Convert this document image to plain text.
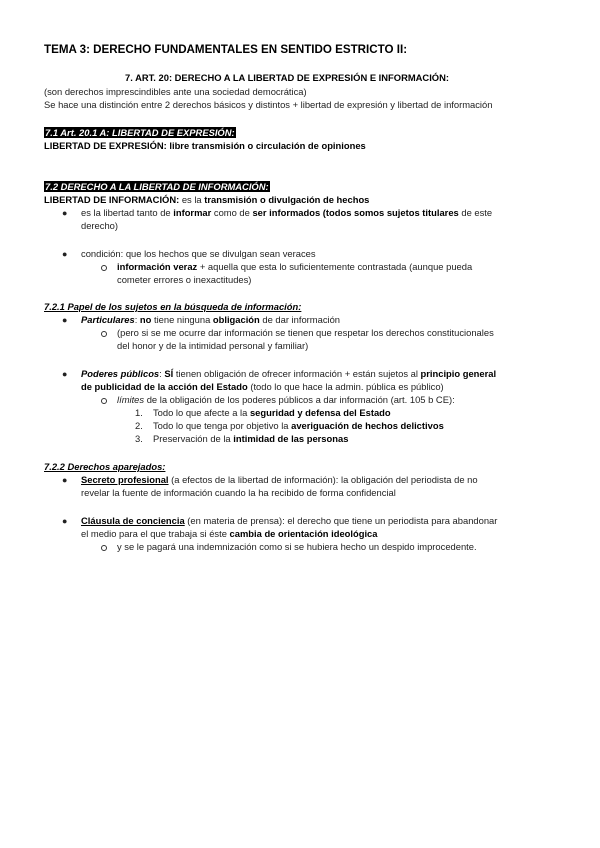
TEMA 3: DERECHO FUNDAMENTALES EN SENTIDO ESTRICTO II:
7. ART. 20: DERECHO A LA LIBERTAD DE EXPRESIÓN E INFORMACIÓN:
(son derechos imprescindibles ante una sociedad democrática)
Se hace una distinción entre 2 derechos básicos y distintos + libertad de expresión y libertad de información
7.1 Art. 20.1 A: LIBERTAD DE EXPRESIÓN:
LIBERTAD DE EXPRESIÓN: libre transmisión o circulación de opiniones
7.2 DERECHO A LA LIBERTAD DE INFORMACIÓN:
LIBERTAD DE INFORMACIÓN: es la transmisión o divulgación de hechos
● es la libertad tanto de informar como de ser informados (todos somos sujetos titulares de este
derecho)
● condición: que los hechos que se divulgan sean veraces
información veraz + aquella que esta lo suficientemente contrastada (aunque pueda
cometer errores o inexactitudes)
7.2.1 Papel de los sujetos en la búsqueda de información:
● Particulares: no tiene ninguna obligación de dar información
(pero si se me ocurre dar información se tienen que respetar los derechos constitucionales
del honor y de la intimidad personal y familiar)
● Poderes públicos: SÍ tienen obligación de ofrecer información + están sujetos al principio general
de publicidad de la acción del Estado (todo lo que hace la admin. pública es público)
límites de la obligación de los poderes públicos a dar información (art. 105 b CE):
1. Todo lo que afecte a la seguridad y defensa del Estado
2. Todo lo que tenga por objetivo la averiguación de hechos delictivos
3. Preservación de la intimidad de las personas
7.2.2 Derechos aparejados:
● Secreto profesional (a efectos de la libertad de información): la obligación del periodista de no
revelar la fuente de información cuando la ha recibido de forma confidencial
● Cláusula de conciencia (en materia de prensa): el derecho que tiene un periodista para abandonar
el medio para el que trabaja si éste cambia de orientación ideológica
y se le pagará una indemnización como si se hubiera hecho un despido improcedente.
